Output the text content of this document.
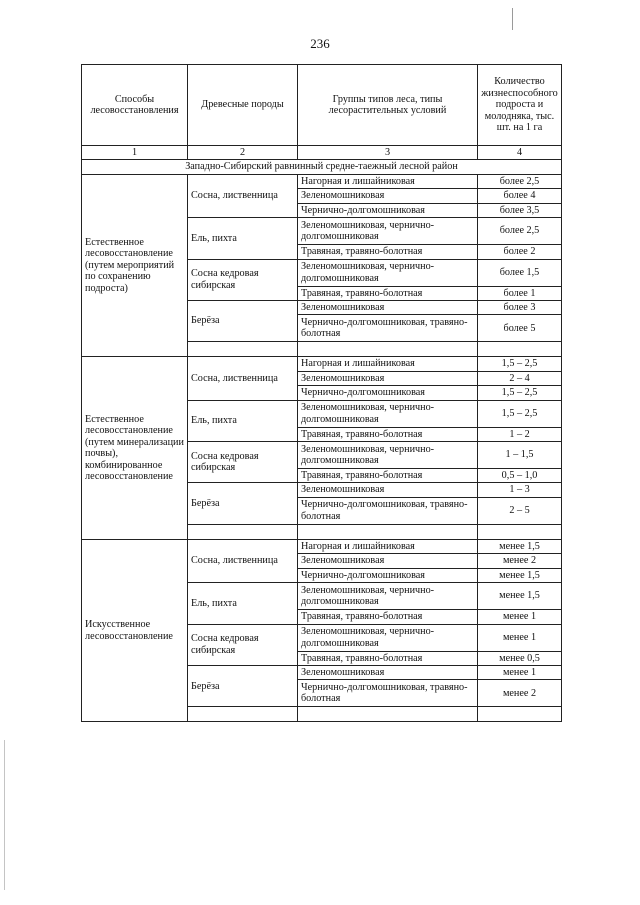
236
Способы лесовосстановления	Древесные породы	Группы типов леса, типы лесорастительных условий	Количество жизнеспособного подроста и молодняка, тыс. шт. на 1 га
1	2	3	4
Западно-Сибирский равнинный средне-таежный лесной район			
Естественное лесовосстановление (путем мероприятий по сохранению подроста)	Сосна, лиственница	Нагорная и лишайниковая	более 2,5
		Зеленомошниковая	более 4
		Чернично-долгомошниковая	более 3,5
	Ель, пихта	Зеленомошниковая, чернично-долгомошниковая	более 2,5
		Травяная, травяно-болотная	более 2
	Сосна кедровая сибирская	Зеленомошниковая, чернично-долгомошниковая	более 1,5
		Травяная, травяно-болотная	более 1
	Берёза	Зеленомошниковая	более 3
		Чернично-долгомошниковая, травяно-болотная	более 5

Естественное лесовосстановление (путем минерализации почвы), комбинированное лесовосстановление	Сосна, лиственница	Нагорная и лишайниковая	1,5 – 2,5
		Зеленомошниковая	2 – 4
		Чернично-долгомошниковая	1,5 – 2,5
	Ель, пихта	Зеленомошниковая, чернично-долгомошниковая	1,5 – 2,5
		Травяная, травяно-болотная	1 – 2
	Сосна кедровая сибирская	Зеленомошниковая, чернично-долгомошниковая	1 – 1,5
		Травяная, травяно-болотная	0,5 – 1,0
	Берёза	Зеленомошниковая	1 – 3
		Чернично-долгомошниковая, травяно-болотная	2 – 5

Искусственное лесовосстановление	Сосна, лиственница	Нагорная и лишайниковая	менее 1,5
		Зеленомошниковая	менее 2
		Чернично-долгомошниковая	менее 1,5
	Ель, пихта	Зеленомошниковая, чернично-долгомошниковая	менее 1,5
		Травяная, травяно-болотная	менее 1
	Сосна кедровая сибирская	Зеленомошниковая, чернично-долгомошниковая	менее 1
		Травяная, травяно-болотная	менее 0,5
	Берёза	Зеленомошниковая	менее 1
		Чернично-долгомошниковая, травяно-болотная	менее 2
